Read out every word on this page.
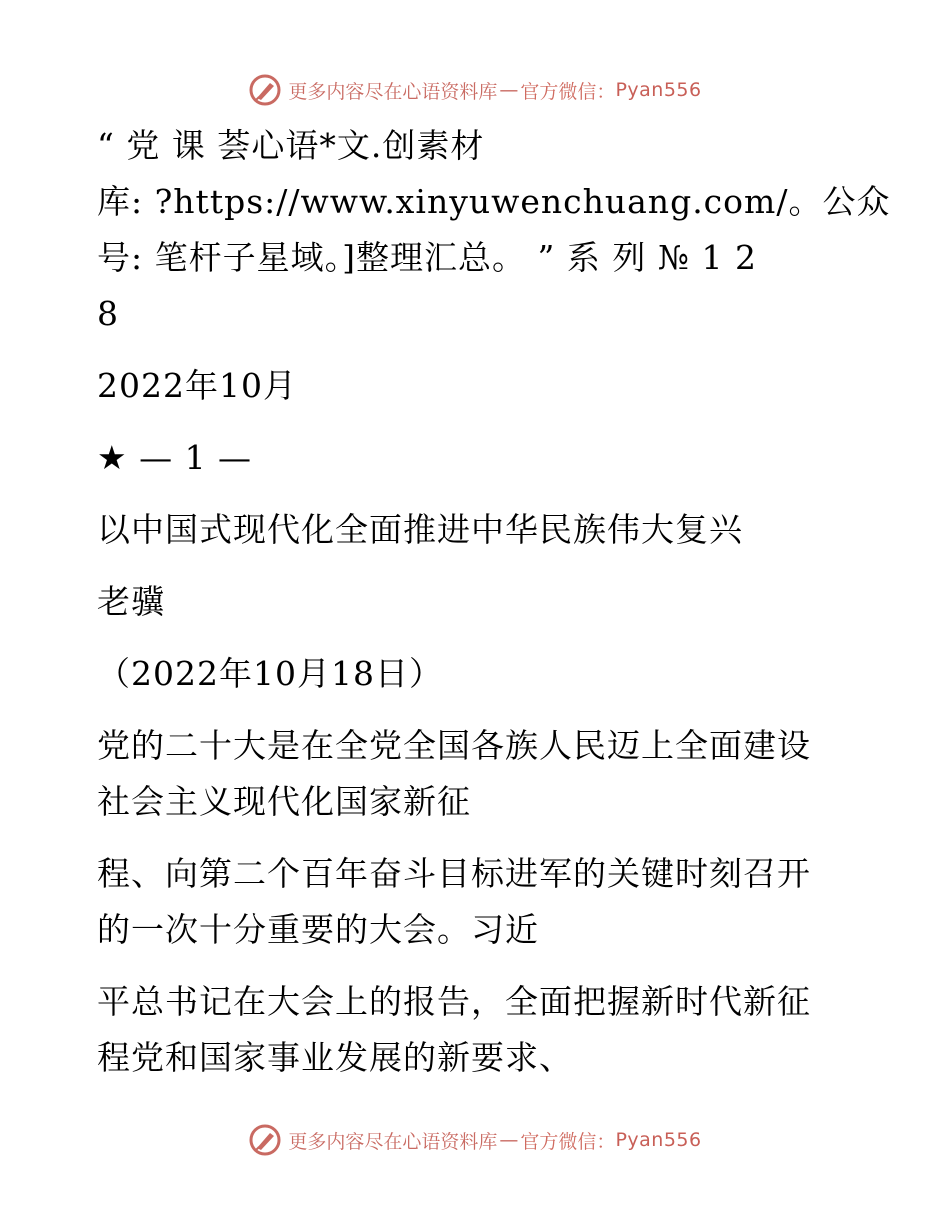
更多内容尽在心语资料库 — 官方微信： Pyan556
“ 党 课 荟心语*文.创素材
库: ?https://www.xinyuwenchuang.com/。公众
号: 笔杆子星域。]整理汇总。 ” 系 列 № 1 2
8
2022年10月
★ — 1 —
以中国式现代化全面推进中华民族伟大复兴
老骥
（2022年10月18日）
党的二十大是在全党全国各族人民迈上全面建设
社会主义现代化国家新征
程、向第二个百年奋斗目标进军的关键时刻召开
的一次十分重要的大会。习近
平总书记在大会上的报告，全面把握新时代新征
程党和国家事业发展的新要求、
更多内容尽在心语资料库 — 官方微信： Pyan556
